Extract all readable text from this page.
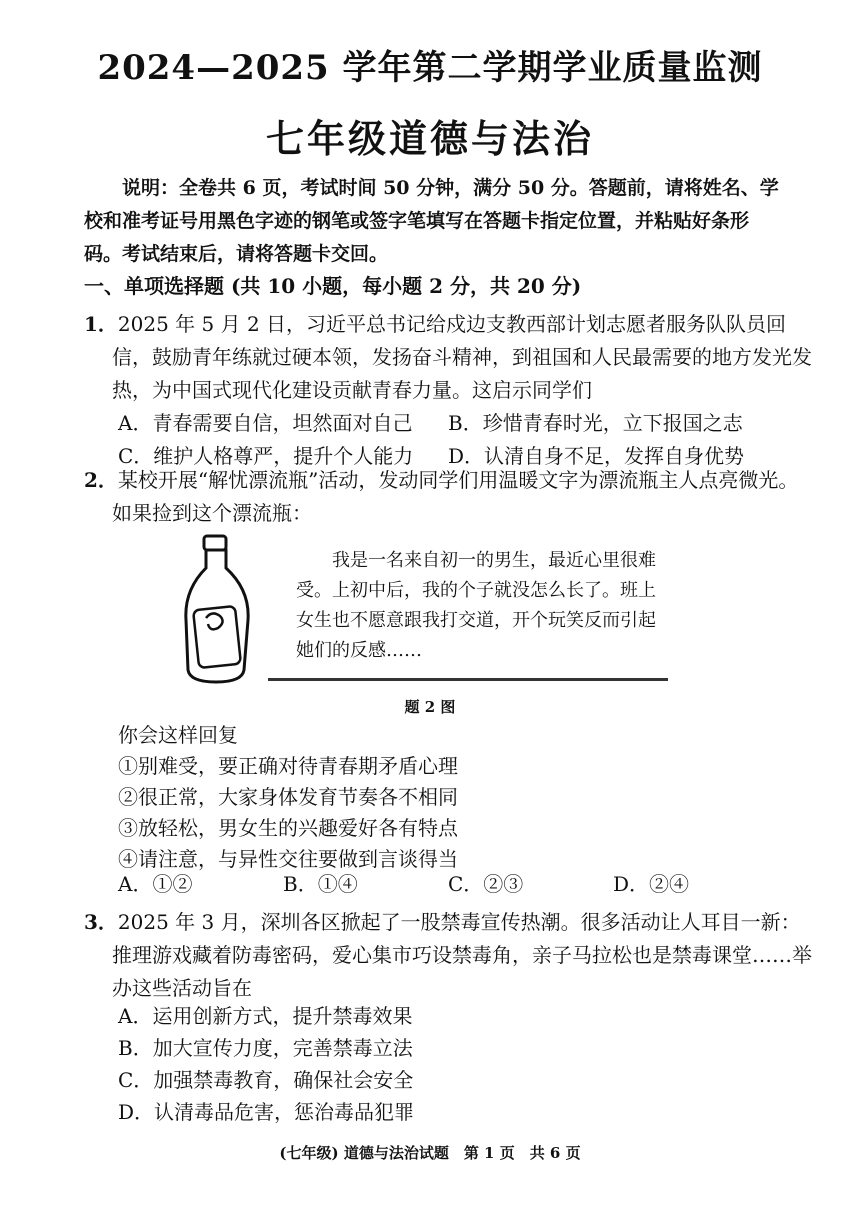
2024—2025 学年第二学期学业质量监测
七年级道德与法治
说明：全卷共 6 页，考试时间 50 分钟，满分 50 分。答题前，请将姓名、学校和准考证号用黑色字迹的钢笔或签字笔填写在答题卡指定位置，并粘贴好条形码。考试结束后，请将答题卡交回。
一、单项选择题 (共 10 小题，每小题 2 分，共 20 分)
1．2025 年 5 月 2 日，习近平总书记给戍边支教西部计划志愿者服务队队员回信，鼓励青年练就过硬本领，发扬奋斗精神，到祖国和人民最需要的地方发光发热，为中国式现代化建设贡献青春力量。这启示同学们
A．青春需要自信，坦然面对自己	B．珍惜青春时光，立下报国之志
C．维护人格尊严，提升个人能力	D．认清自身不足，发挥自身优势
2．某校开展“解忧漂流瓶”活动，发动同学们用温暖文字为漂流瓶主人点亮微光。如果捡到这个漂流瓶：
我是一名来自初一的男生，最近心里很难受。上初中后，我的个子就没怎么长了。班上女生也不愿意跟我打交道，开个玩笑反而引起她们的反感……
题 2 图
你会这样回复
①别难受，要正确对待青春期矛盾心理
②很正常，大家身体发育节奏各不相同
③放轻松，男女生的兴趣爱好各有特点
④请注意，与异性交往要做到言谈得当
A．①②	B．①④	C．②③	D．②④
3．2025 年 3 月，深圳各区掀起了一股禁毒宣传热潮。很多活动让人耳目一新：推理游戏藏着防毒密码，爱心集市巧设禁毒角，亲子马拉松也是禁毒课堂……举办这些活动旨在
A．运用创新方式，提升禁毒效果
B．加大宣传力度，完善禁毒立法
C．加强禁毒教育，确保社会安全
D．认清毒品危害，惩治毒品犯罪
(七年级) 道德与法治试题　第 1 页　共 6 页
